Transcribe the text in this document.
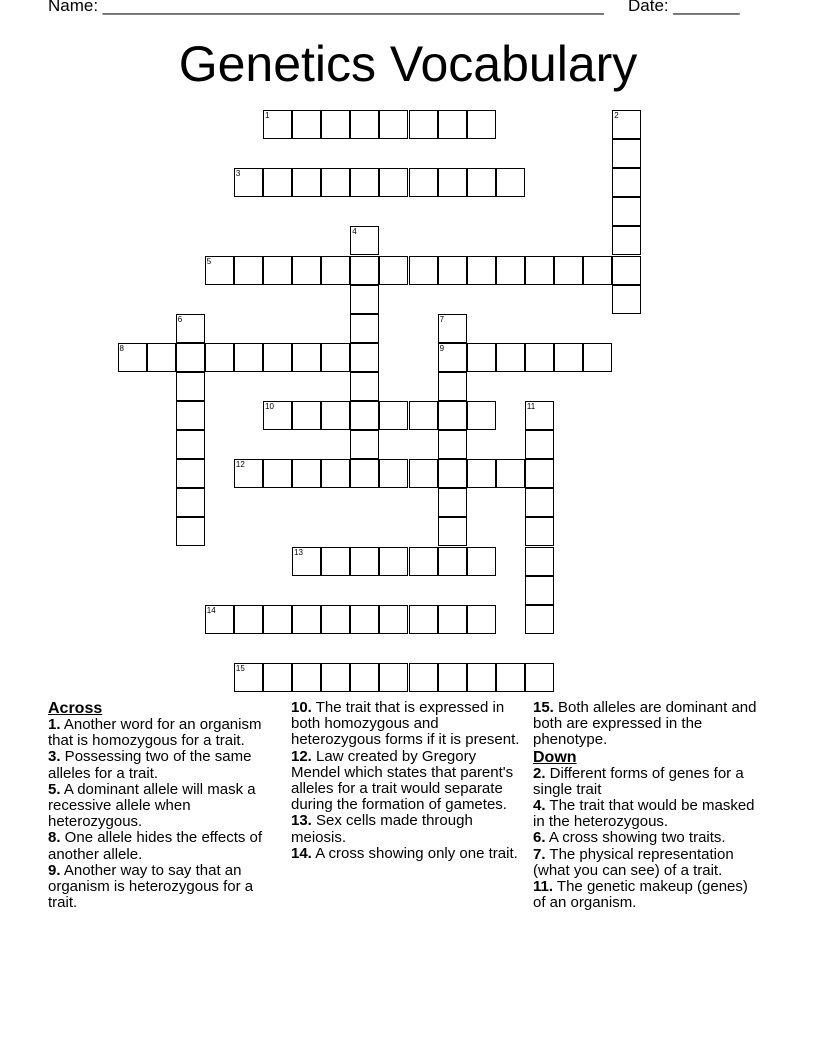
Name: _____________________________________________________ Date: _______
Genetics Vocabulary
1	2
3
4
5
6	7
9
8
10	11
12
13
14
15
Across

1. Another word for an organism that is homozygous for a trait.

3. Possessing two of the same alleles for a trait.

5. A dominant allele will mask a recessive allele when heterozygous.

8. One allele hides the effects of another allele.

9. Another way to say that an organism is heterozygous for a trait.

10. The trait that is expressed in both homozygous and heterozygous forms if it is present.

12. Law created by Gregory Mendel which states that parent's alleles for a trait would separate during the formation of gametes.

13. Sex cells made through meiosis.

14. A cross showing only one trait.

15. Both alleles are dominant and both are expressed in the phenotype.

Down

2. Different forms of genes for a single trait

4. The trait that would be masked in the heterozygous.

6. A cross showing two traits.

7. The physical representation (what you can see) of a trait.

11. The genetic makeup (genes) of an organism.
